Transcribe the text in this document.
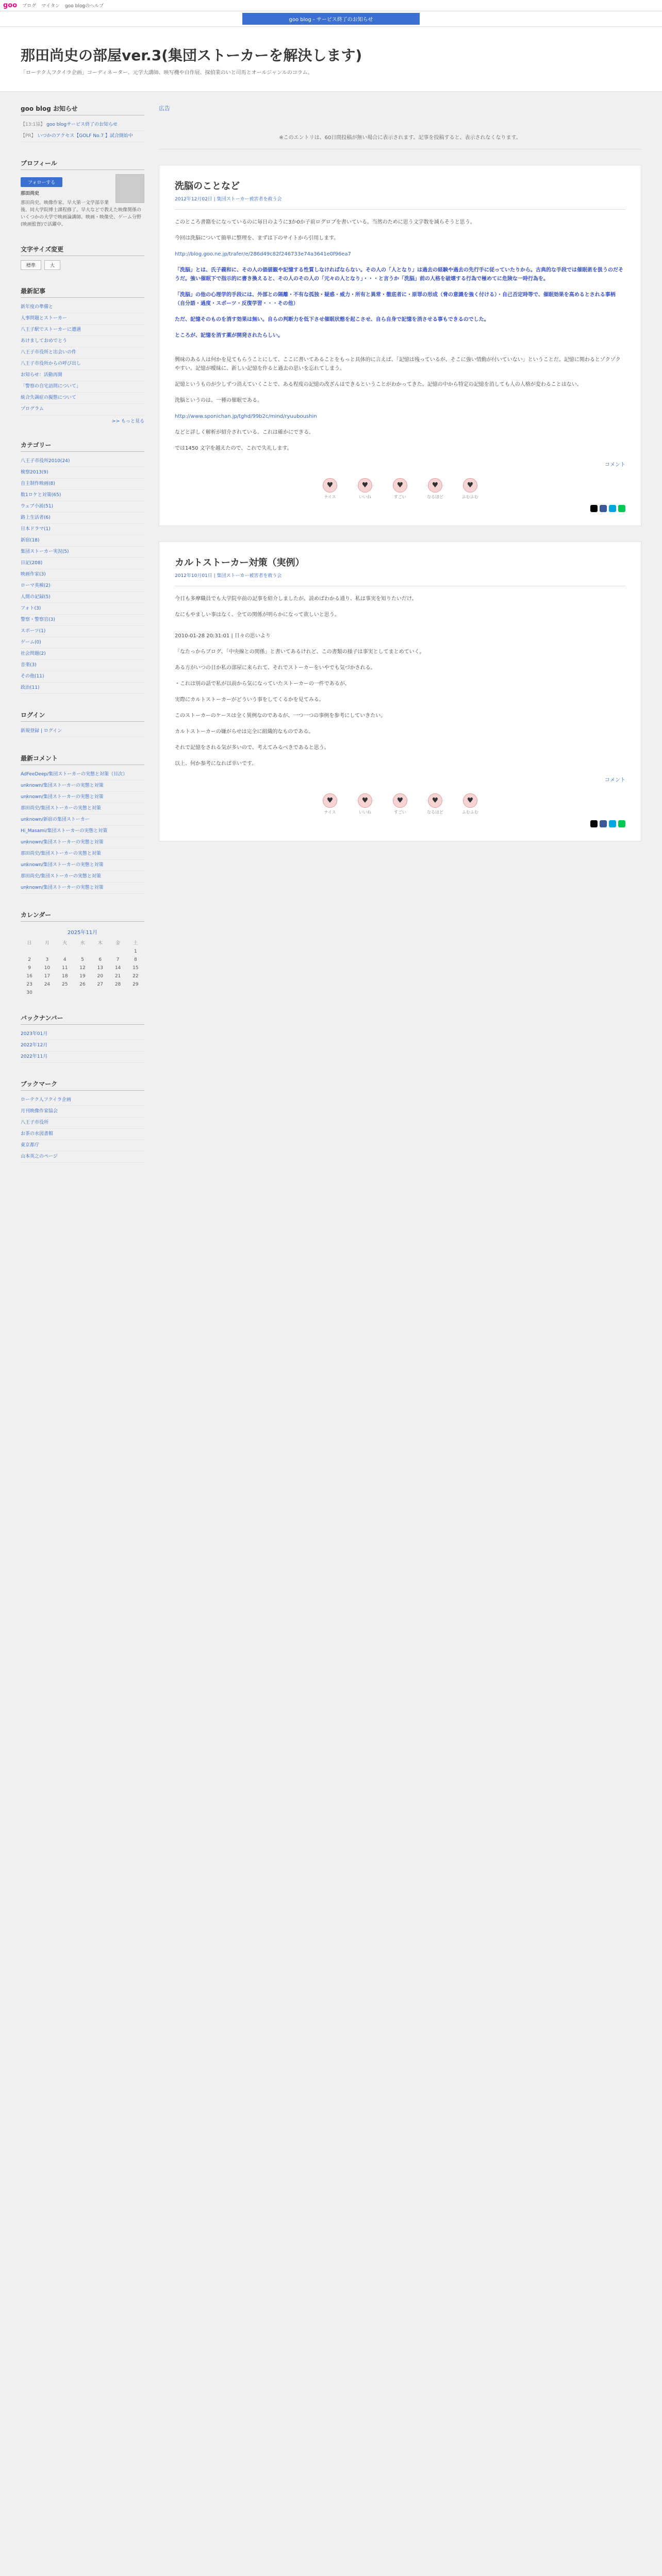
goo ブログ マイタン goo blogのヘルプ
goo blog - サービス終了のお知らせ
那田尚史の部屋ver.3(集団ストーカーを解決します)
「ローテク人フクイラ企画」コーディネーター、元学大講師、映写機や自作展、探偵業のいと司馬とオールジャンルのコラム。
goo blog お知らせ
【13:1協】 goo blogサービス終了のお知らせ
【PR】 いつかのアクセス【GOLF No.7 】試合開始中
プロフィール
フォローする
那田尚史
那田尚史。映像作家、早大第一文学部卒業後、同大学院博士課程修了。早大などで教えた映像関係のいくつかの大学で映画論講師。映画・映像史、ゲーム分野(映画監督)で活躍中。
文字サイズ変更
標準	大
最新記事
新年度の準備と
人事問題とストーカー
八王子駅でストーカーに遭遇
あけましておめでとう
八王子市役所と出会いの件
八王子市役所からの呼び出し
お知らせ：活動再開
「警察の自宅訪問について」
統合失調症の擬態について
プログラム
>> もっと見る
カテゴリー
八王子市役所2010(24)
検察2013(9)
自主制作映画(8)
数1ロケと対策(65)
ウェブ小説(51)
路上生活者(6)
日本ドラマ(1)
新宿(18)
集団ストーカー実況(5)
日記(208)
映画作家(3)
ローマ英検(2)
人間の記録(5)
フォト(3)
警察・警察官(3)
スポーツ(1)
ゲーム(0)
社会問題(2)
音楽(3)
その他(11)
政治(11)
ログイン
新規登録 | ログイン
最新コメント
AdFeeDeep/集団ストーカーの実態と対策（目次）
unknown/集団ストーカーの実態と対策
unknown/集団ストーカーの実態と対策
那田尚史/集団ストーカーの実態と対策
unknown/新宿の集団ストーカー
Hi_Masami/集団ストーカーの実態と対策
unknown/集団ストーカーの実態と対策
那田尚史/集団ストーカーの実態と対策
unknown/集団ストーカーの実態と対策
那田尚史/集団ストーカーの実態と対策
unknown/集団ストーカーの実態と対策
カレンダー
2025年11月
日	月	火	水	木	金	土
						1
2	3	4	5	6	7	8
9	10	11	12	13	14	15
16	17	18	19	20	21	22
23	24	25	26	27	28	29
30						
バックナンバー
2023年01月
2022年12月
2022年11月
ブックマーク
ローテク人フクイラ企画
月刊映像作家協会
八王子市役所
お茶の水図書館
東京都庁
山本英之のページ
広告
※このエントリは、60日間投稿が無い場合に表示されます。記事を投稿すると、表示されなくなります。
洗脳のことなど
2012年12月02日 | 集団ストーカー被害者を救う会
このところ書籍をになっているのに毎日のように3か0か子前ログロブを書いている。当然のために思う文字数を減らそうと思う。
今回は洗脳について簡単に整理を、まずは下のサイトから引用します。
http://blog.goo.ne.jp/trafer/e/286d49c82f246733e74a3641e0f96ea7
「洗脳」とは、氏子義和に、その人の価値観や記憶する性質しなければならない。その人の「人となり」は過去の経験や過去の先行手に従っていたりから。古典的な手段では催眠術を扱うのだそうだ。強い催眠下で指示的に書き換えると、その人のその人の「元々の人となり」・・・と言うか「洗脳」前の人格を破壊する行為で極めてに危険な一時行為を。
「洗脳」の他の心理学的手段には、外部との隔離・不有な孤独・疑惑・威力・所有と異常・徹底者に・原罪の形成（脅の意識を強く付ける）・自己否定時等で、催眠効果を高めるとされる事柄（自分語・過度・スポーツ・反復学習・・・その他）
ただ、記憶そのものを消す効果は無い。自らの判断力を低下させ催眠状態を起こさせ、自ら自身で記憶を消させる事もできるのでした。
ところが、記憶を消す薬が開発されたらしい。
興味のある人は何かを見てもらうことにして、ここに書いてあることをもっと具体的に言えば、「記憶は残っているが、そこに強い情動が付いていない」ということだ。記憶に関わるとゾクゾクやすい。記憶が曖昧に、新しい記憶を作ると過去の思いを忘れてしまう。
記憶というものが少しずつ消えていくことで、ある程度の記憶の改ざんはできるということがわかってきた。記憶の中から特定の記憶を消しても人の人格が変わることはない。
洗脳というのは、一種の催眠である。
http://www.sponichan.jp/tghd/99b2c/mind/ryuuboushin
などと詳しく解析が紹介されている。これは確かにできる。
では1450 文字を越えたので、これで失礼します。
コメント
♥
ナイス
♥
いいね
♥
すごい
♥
なるほど
♥
ふむふむ
カルトストーカー対策（実例）
2012年10月01日 | 集団ストーカー被害者を救う会
今日も多摩職員でも大学院卒前の記事を紹介しましたが、読めばわかる通り、私は事実を知りたいだけ。
なにもやましい事はなく、全ての関係が明らかになって欲しいと思う。
2010-01-28 20:31:01 | 日々の思いより
「なたっからブログ、「中央線との関係」と書いてあるけれど、この書類の様子は事実としてまとめていく。
ある方がいつの日か私の部屋に来られて、それでストーカーをいやでも気づかされる。
・これは別の話で私が以前から気になっていたストーカーの一件であるが、
実際にカルトストーカーがどういう事をしてくるかを見てみる。
このストーカーのケースは全く異例なのであるが、一つ一つの事例を参考にしていきたい。
カルトストーカーの嫌がらせは完全に組織的なものである。
それで記憶をされる気が多いので、考えてみるべきであると思う。
以上、何か参考になれば幸いです。
コメント
♥
ナイス
♥
いいね
♥
すごい
♥
なるほど
♥
ふむふむ
